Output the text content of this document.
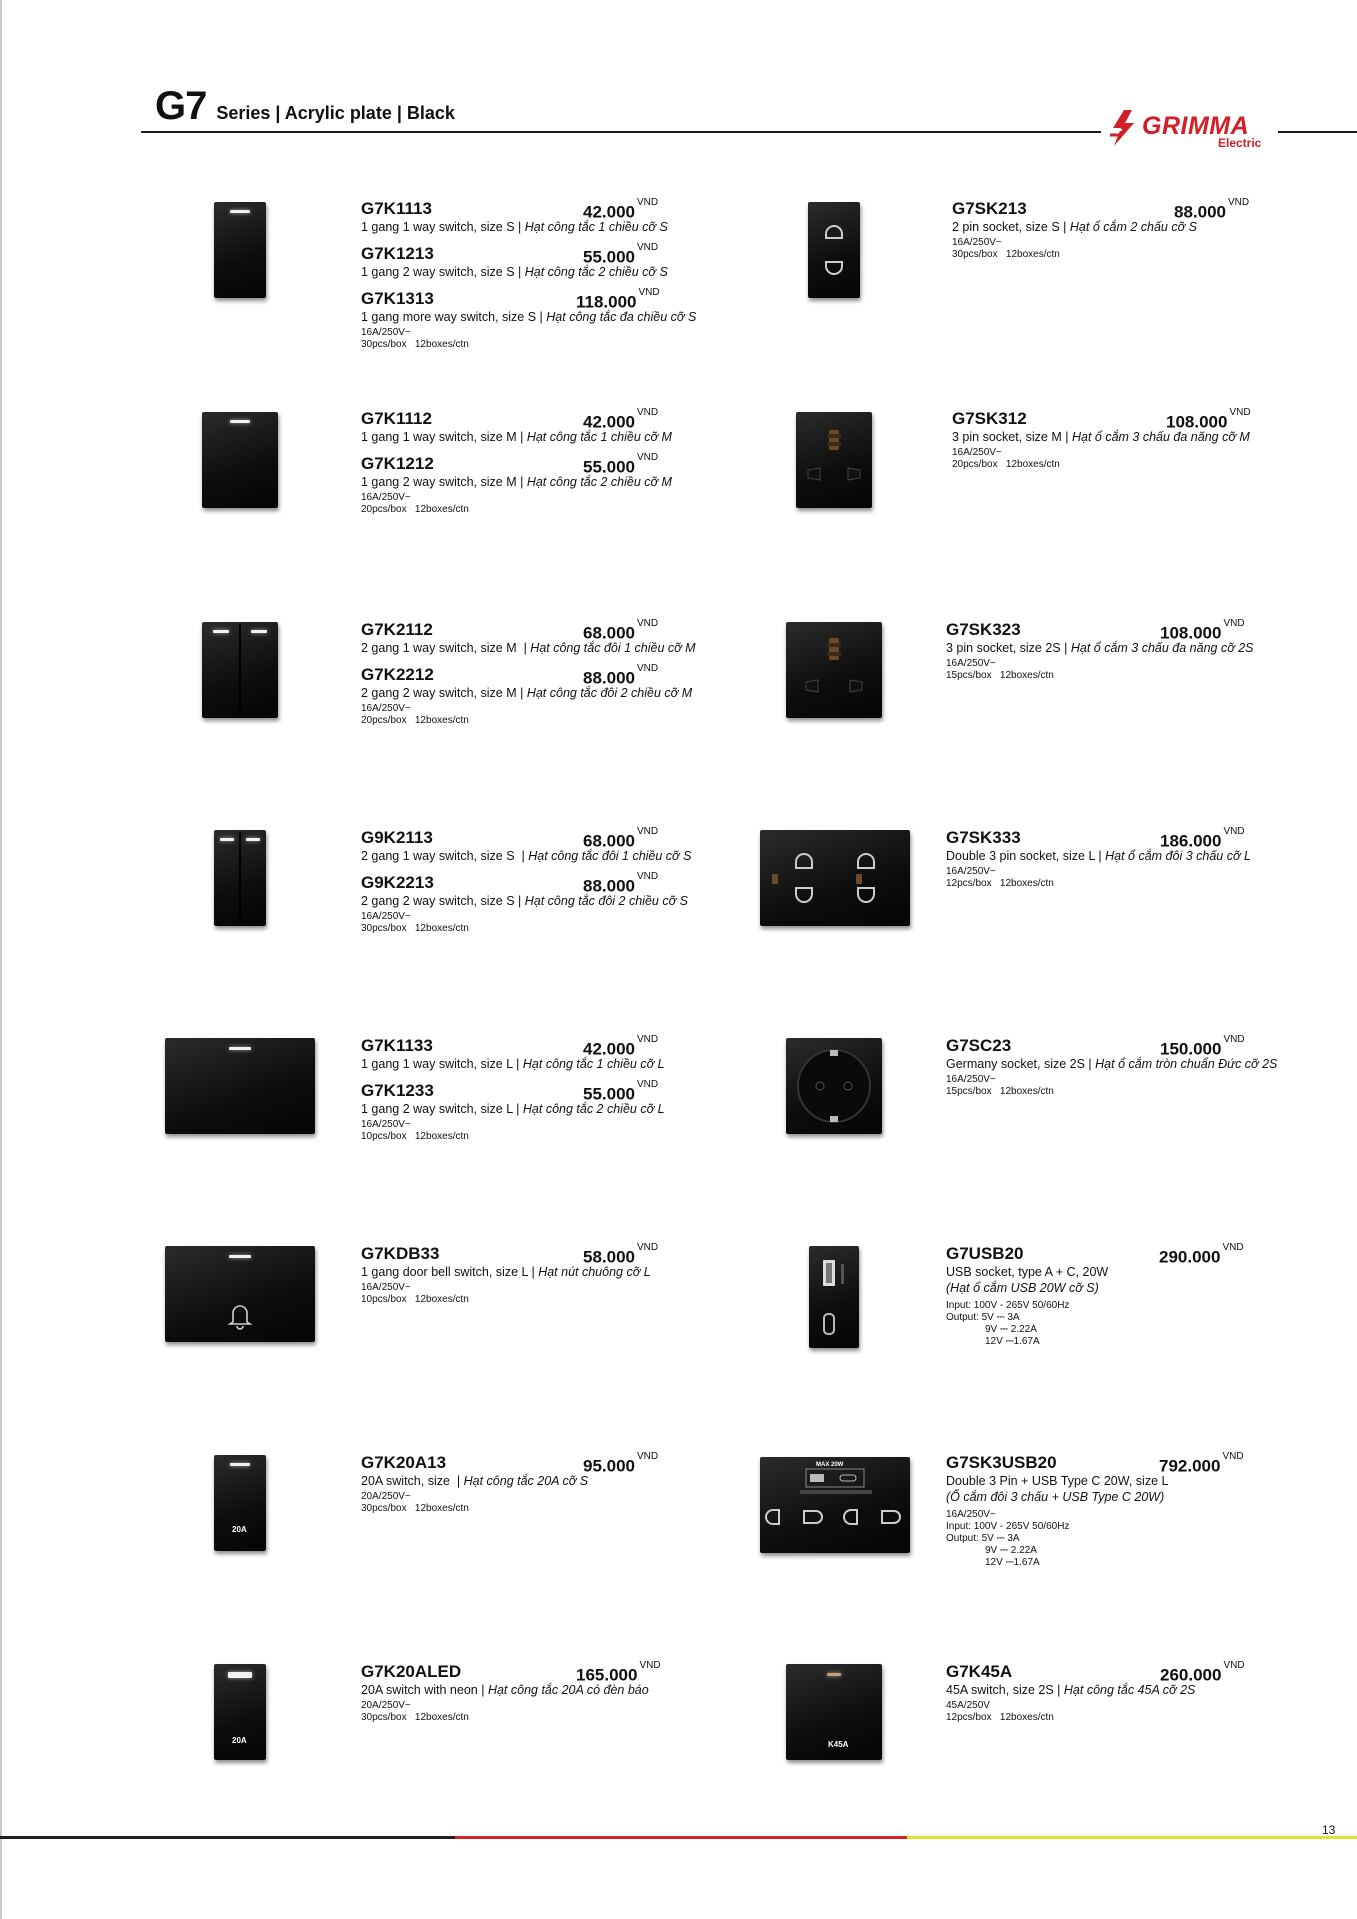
G7 Series | Acrylic plate | Black	GRIMMA
Electric
G7K1113	$42.000^{VND}$
1 gang 1 way switch, size S | Hạt công tắc 1 chiều cỡ S
G7K1213	$55.000^{VND}$
1 gang 2 way switch, size S | Hạt công tắc 2 chiều cỡ S
G7K1313	$118.000^{VND}$
1 gang more way switch, size S | Hạt công tắc đa chiều cỡ S
16A/250V~
30pcs/box   12boxes/ctn
G7SK213	$88.000^{VND}$
2 pin socket, size S | Hạt ổ cắm 2 chấu cỡ S
16A/250V~
30pcs/box   12boxes/ctn
G7K1112	$42.000^{VND}$
1 gang 1 way switch, size M | Hạt công tắc 1 chiều cỡ M
G7K1212	$55.000^{VND}$
1 gang 2 way switch, size M | Hạt công tắc 2 chiều cỡ M
16A/250V~
20pcs/box   12boxes/ctn
G7SK312	$108.000^{VND}$
3 pin socket, size M | Hạt ổ cắm 3 chấu đa năng cỡ M
16A/250V~
20pcs/box   12boxes/ctn
G7K2112	$68.000^{VND}$
2 gang 1 way switch, size M  | Hạt công tắc đôi 1 chiều cỡ M
G7K2212	$88.000^{VND}$
2 gang 2 way switch, size M | Hạt công tắc đôi 2 chiều cỡ M
16A/250V~
20pcs/box   12boxes/ctn
G7SK323	$108.000^{VND}$
3 pin socket, size 2S | Hạt ổ cắm 3 chấu đa năng cỡ 2S
16A/250V~
15pcs/box   12boxes/ctn
G9K2113	$68.000^{VND}$
2 gang 1 way switch, size S  | Hạt công tắc đôi 1 chiều cỡ S
G9K2213	$88.000^{VND}$
2 gang 2 way switch, size S | Hạt công tắc đôi 2 chiều cỡ S
16A/250V~
30pcs/box   12boxes/ctn
G7SK333	$186.000^{VND}$
Double 3 pin socket, size L | Hạt ổ cắm đôi 3 chấu cỡ L
16A/250V~
12pcs/box   12boxes/ctn
G7K1133	$42.000^{VND}$
1 gang 1 way switch, size L | Hạt công tắc 1 chiều cỡ L
G7K1233	$55.000^{VND}$
1 gang 2 way switch, size L | Hạt công tắc 2 chiều cỡ L
16A/250V~
10pcs/box   12boxes/ctn
G7SC23	$150.000^{VND}$
Germany socket, size 2S | Hạt ổ cắm tròn chuẩn Đức cỡ 2S
16A/250V~
15pcs/box   12boxes/ctn
G7KDB33	$58.000^{VND}$
1 gang door bell switch, size L | Hạt nút chuông cỡ L
16A/250V~
10pcs/box   12boxes/ctn
G7USB20	$290.000^{VND}$
USB socket, type A + C, 20W
(Hạt ổ cắm USB 20W cỡ S)
Input: 100V - 265V 50/60Hz
Output: 5V ⎓ 3A
9V ⎓ 2.22A
12V ⎓1.67A
20A
G7K20A13	$95.000^{VND}$
20A switch, size  | Hạt công tắc 20A cỡ S
20A/250V~
30pcs/box   12boxes/ctn
MAX 20W	G7SK3USB20	$792.000^{VND}$
Double 3 Pin + USB Type C 20W, size L
(Ổ cắm đôi 3 chấu + USB Type C 20W)
16A/250V~
Input: 100V - 265V 50/60Hz
Output: 5V ⎓ 3A
9V ⎓ 2.22A
12V ⎓1.67A
20A
G7K20ALED	$165.000^{VND}$
20A switch with neon | Hạt công tắc 20A có đèn báo
20A/250V~
30pcs/box   12boxes/ctn
K45A
G7K45A	$260.000^{VND}$
45A switch, size 2S | Hạt công tắc 45A cỡ 2S
45A/250V
12pcs/box   12boxes/ctn
13
